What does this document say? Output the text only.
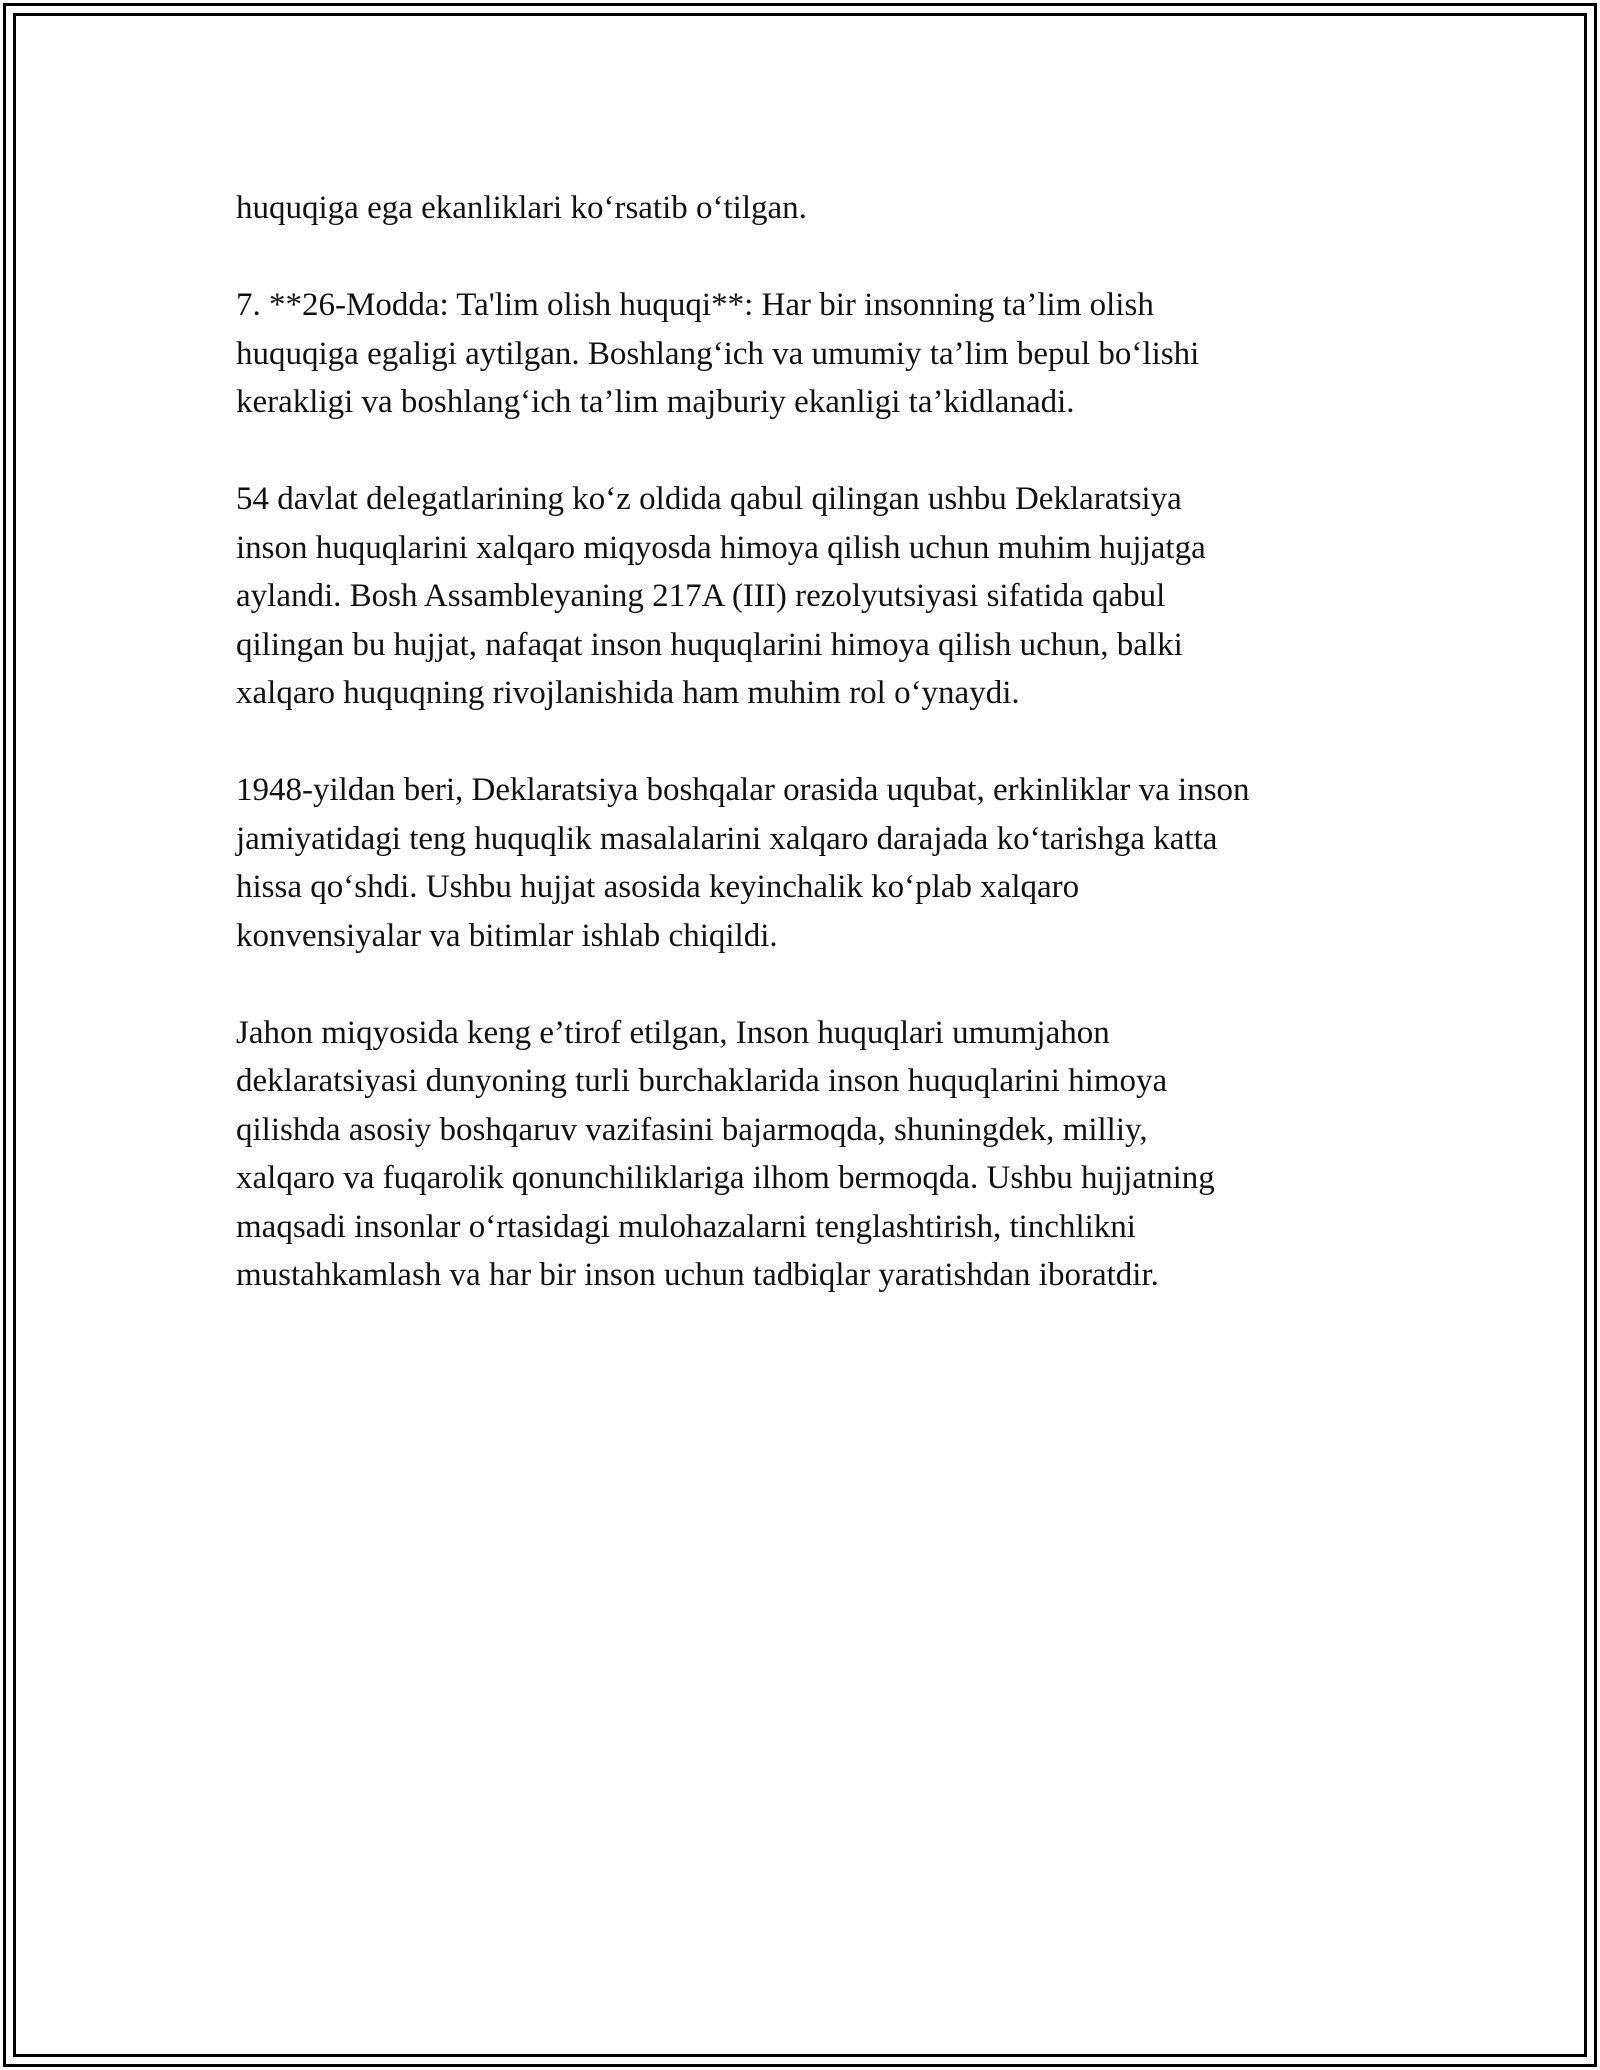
huquqiga ega ekanliklari ko‘rsatib o‘tilgan.

7. **26-Modda: Ta'lim olish huquqi**: Har bir insonning ta’lim olish
huquqiga egaligi aytilgan. Boshlang‘ich va umumiy ta’lim bepul bo‘lishi
kerakligi va boshlang‘ich ta’lim majburiy ekanligi ta’kidlanadi.

54 davlat delegatlarining ko‘z oldida qabul qilingan ushbu Deklaratsiya
inson huquqlarini xalqaro miqyosda himoya qilish uchun muhim hujjatga
aylandi. Bosh Assambleyaning 217A (III) rezolyutsiyasi sifatida qabul
qilingan bu hujjat, nafaqat inson huquqlarini himoya qilish uchun, balki
xalqaro huquqning rivojlanishida ham muhim rol o‘ynaydi.

1948-yildan beri, Deklaratsiya boshqalar orasida uqubat, erkinliklar va inson
jamiyatidagi teng huquqlik masalalarini xalqaro darajada ko‘tarishga katta
hissa qo‘shdi. Ushbu hujjat asosida keyinchalik ko‘plab xalqaro
konvensiyalar va bitimlar ishlab chiqildi.

Jahon miqyosida keng e’tirof etilgan, Inson huquqlari umumjahon
deklaratsiyasi dunyoning turli burchaklarida inson huquqlarini himoya
qilishda asosiy boshqaruv vazifasini bajarmoqda, shuningdek, milliy,
xalqaro va fuqarolik qonunchiliklariga ilhom bermoqda. Ushbu hujjatning
maqsadi insonlar o‘rtasidagi mulohazalarni tenglashtirish, tinchlikni
mustahkamlash va har bir inson uchun tadbiqlar yaratishdan iboratdir.
